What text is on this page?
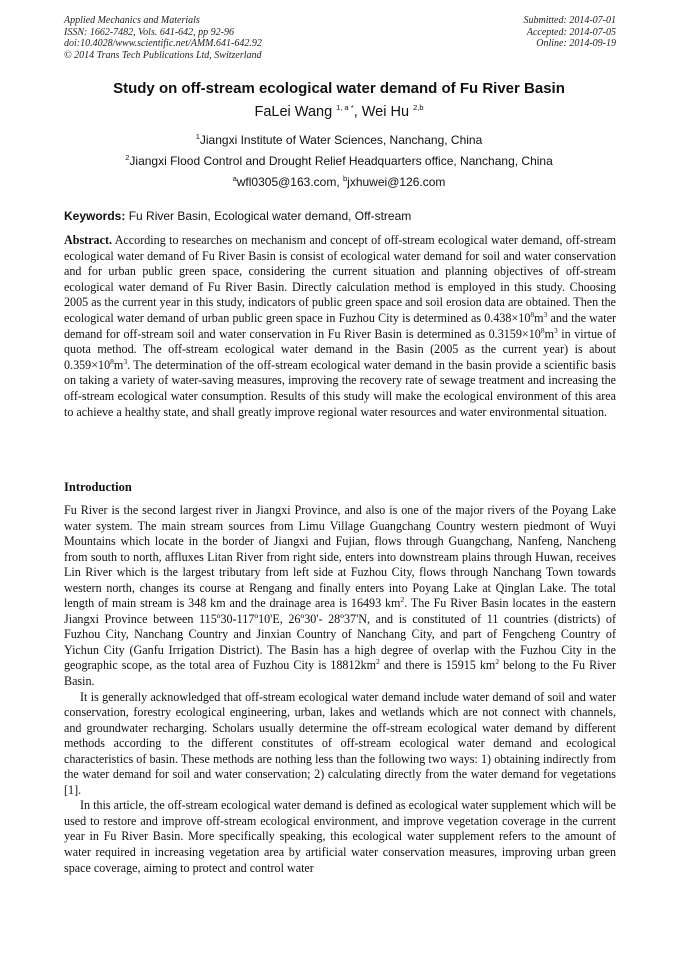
Applied Mechanics and Materials
ISSN: 1662-7482, Vols. 641-642, pp 92-96
doi:10.4028/www.scientific.net/AMM.641-642.92
© 2014 Trans Tech Publications Ltd, Switzerland
Submitted: 2014-07-01
Accepted: 2014-07-05
Online: 2014-09-19
Study on off-stream ecological water demand of Fu River Basin
FaLei Wang $^{1, a *}$, Wei Hu $^{2,b}$
$^1$Jiangxi Institute of Water Sciences, Nanchang, China
$^2$Jiangxi Flood Control and Drought Relief Headquarters office, Nanchang, China
$^a$wfl0305@163.com, $^b$jxhuwei@126.com
Keywords: Fu River Basin, Ecological water demand, Off-stream
Abstract. According to researches on mechanism and concept of off-stream ecological water demand, off-stream ecological water demand of Fu River Basin is consist of ecological water demand for soil and water conservation and for urban public green space, considering the current situation and planning objectives of off-stream ecological water demand of Fu River Basin. Directly calculation method is employed in this study. Choosing 2005 as the current year in this study, indicators of public green space and soil erosion data are obtained. Then the ecological water demand of urban public green space in Fuzhou City is determined as $0.438\times 10^8m^3$ and the water demand for off-stream soil and water conservation in Fu River Basin is determined as $0.3159\times 10^8m^3$ in virtue of quota method. The off-stream ecological water demand in the Basin (2005 as the current year) is about $0.359\times 10^8m^3$. The determination of the off-stream ecological water demand in the basin provide a scientific basis on taking a variety of water-saving measures, improving the recovery rate of sewage treatment and increasing the off-stream ecological water consumption. Results of this study will make the ecological environment of this area to achieve a healthy state, and shall greatly improve regional water resources and water environmental situation.
Introduction

Fu River is the second largest river in Jiangxi Province, and also is one of the major rivers of the Poyang Lake water system. The main stream sources from Limu Village Guangchang Country western piedmont of Wuyi Mountains which locate in the border of Jiangxi and Fujian, flows through Guangchang, Nanfeng, Nancheng from south to north, affluxes Litan River from right side, enters into downstream plains through Huwan, receives Lin River which is the largest tributary from left side at Fuzhou City, flows through Nanchang Town towards western north, changes its course at Rengang and finally enters into Poyang Lake at Qinglan Lake. The total length of main stream is 348 km and the drainage area is 16493 $km^2$. The Fu River Basin locates in the eastern Jiangxi Province between 115º30-117º10'E, 26º30'- 28º37'N, and is constituted of 11 countries (districts) of Fuzhou City, Nanchang Country and Jinxian Country of Nanchang City, and part of Fengcheng Country of Yichun City (Ganfu Irrigation District). The Basin has a high degree of overlap with the Fuzhou City in the geographic scope, as the total area of Fuzhou City is $18812km^2$ and there is 15915 $km^2$ belong to the Fu River Basin.

It is generally acknowledged that off-stream ecological water demand include water demand of soil and water conservation, forestry ecological engineering, urban, lakes and wetlands which are not connect with channels, and groundwater recharging. Scholars usually determine the off-stream ecological water demand by different methods according to the different constitutes of off-stream ecological water demand and ecological characteristics of basin. These methods are nothing less than the following two ways: 1) obtaining indirectly from the water demand for soil and water conservation; 2) calculating directly from the water demand for vegetations [1].

In this article, the off-stream ecological water demand is defined as ecological water supplement which will be used to restore and improve off-stream ecological environment, and improve vegetation coverage in the current year in Fu River Basin. More specifically speaking, this ecological water supplement refers to the amount of water required in increasing vegetation area by artificial water conservation measures, improving urban green space coverage, aiming to protect and control water
